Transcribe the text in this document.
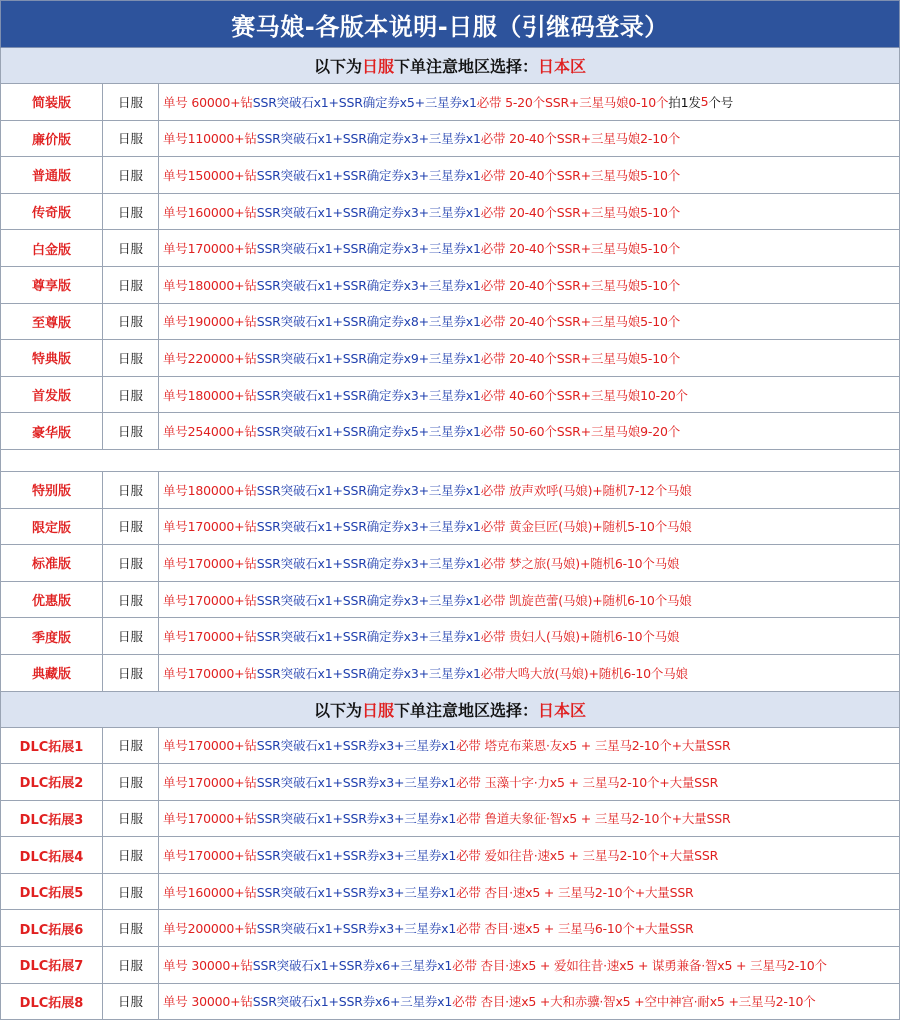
赛马娘-各版本说明-日服（引继码登录）
以下为 日服 下单注意地区选择： 日本区
简装版	日服	单号 60000+钻 SSR突破石x1+SSR确定券x5+三星券x1 必带 5-20个SSR+三星马娘0-10个 拍1发 5 个号
廉价版	日服	单号110000+钻 SSR突破石x1+SSR确定券x3+三星券x1 必带 20-40个SSR+三星马娘2-10个
普通版	日服	单号150000+钻 SSR突破石x1+SSR确定券x3+三星券x1 必带 20-40个SSR+三星马娘5-10个
传奇版	日服	单号160000+钻 SSR突破石x1+SSR确定券x3+三星券x1 必带 20-40个SSR+三星马娘5-10个
白金版	日服	单号170000+钻 SSR突破石x1+SSR确定券x3+三星券x1 必带 20-40个SSR+三星马娘5-10个
尊享版	日服	单号180000+钻 SSR突破石x1+SSR确定券x3+三星券x1 必带 20-40个SSR+三星马娘5-10个
至尊版	日服	单号190000+钻 SSR突破石x1+SSR确定券x8+三星券x1 必带 20-40个SSR+三星马娘5-10个
特典版	日服	单号220000+钻 SSR突破石x1+SSR确定券x9+三星券x1 必带 20-40个SSR+三星马娘5-10个
首发版	日服	单号180000+钻 SSR突破石x1+SSR确定券x3+三星券x1 必带 40-60个SSR+三星马娘10-20个
豪华版	日服	单号254000+钻 SSR突破石x1+SSR确定券x5+三星券x1 必带 50-60个SSR+三星马娘9-20个
特别版	日服	单号180000+钻 SSR突破石x1+SSR确定券x3+三星券x1 必带 放声欢呼(马娘)+随机7-12个马娘
限定版	日服	单号170000+钻 SSR突破石x1+SSR确定券x3+三星券x1 必带 黄金巨匠(马娘)+随机5-10个马娘
标准版	日服	单号170000+钻 SSR突破石x1+SSR确定券x3+三星券x1 必带 梦之旅(马娘)+随机6-10个马娘
优惠版	日服	单号170000+钻 SSR突破石x1+SSR确定券x3+三星券x1 必带 凯旋芭蕾(马娘)+随机6-10个马娘
季度版	日服	单号170000+钻 SSR突破石x1+SSR确定券x3+三星券x1 必带 贵妇人(马娘)+随机6-10个马娘
典藏版	日服	单号170000+钻 SSR突破石x1+SSR确定券x3+三星券x1 必带大鸣大放(马娘)+随机6-10个马娘
以下为 日服 下单注意地区选择： 日本区
DLC拓展1	日服	单号170000+钻 SSR突破石x1+SSR券x3+三星券x1 必带 塔克布莱恩·友x5 + 三星马2-10个+大量SSR
DLC拓展2	日服	单号170000+钻 SSR突破石x1+SSR券x3+三星券x1 必带 玉藻十字·力x5 + 三星马2-10个+大量SSR
DLC拓展3	日服	单号170000+钻 SSR突破石x1+SSR券x3+三星券x1 必带 鲁道夫象征·智x5 + 三星马2-10个+大量SSR
DLC拓展4	日服	单号170000+钻 SSR突破石x1+SSR券x3+三星券x1 必带 爱如往昔·速x5 + 三星马2-10个+大量SSR
DLC拓展5	日服	单号160000+钻 SSR突破石x1+SSR券x3+三星券x1 必带 杏目·速x5 + 三星马2-10个+大量SSR
DLC拓展6	日服	单号200000+钻 SSR突破石x1+SSR券x3+三星券x1 必带 杏目·速x5 + 三星马6-10个+大量SSR
DLC拓展7	日服	单号 30000+钻 SSR突破石x1+SSR券x6+三星券x1 必带 杏目·速x5 + 爱如往昔·速x5 + 谋勇兼备·智x5 + 三星马2-10个
DLC拓展8	日服	单号 30000+钻 SSR突破石x1+SSR券x6+三星券x1 必带 杏目·速x5 +大和赤骥·智x5 +空中神宫·耐x5 +三星马2-10个
